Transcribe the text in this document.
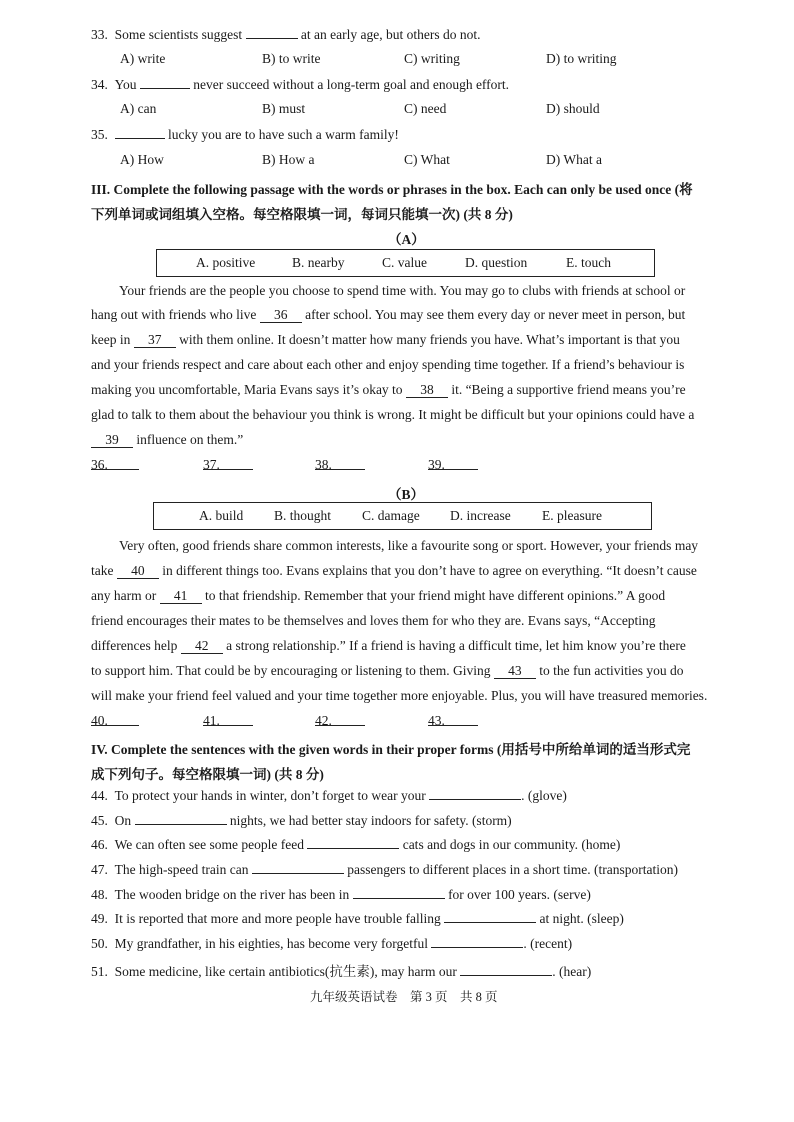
33. Some scientists suggest	at an early age, but others do not.
A) write	B) to write	C) writing	D) to writing
34. You	never succeed without a long-term goal and enough effort.
A) can	B) must	C) need	D) should
35.	lucky you are to have such a warm family!
A) How	B) How a	C) What	D) What a
III. Complete the following passage with the words or phrases in the box. Each can only be used once (将
下列单词或词组填入空格。每空格限填一词，每词只能填一次) (共 8 分)
（A）
A. positive	B. nearby	C. value	D. question	E. touch
Your friends are the people you choose to spend time with. You may go to clubs with friends at school or
hang out with friends who live 36 after school. You may see them every day or never meet in person, but
keep in 37 with them online. It doesn’t matter how many friends you have. What’s important is that you
and your friends respect and care about each other and enjoy spending time together. If a friend’s behaviour is
making you uncomfortable, Maria Evans says it’s okay to 38 it. “Being a supportive friend means you’re
glad to talk to them about the behaviour you think is wrong. It might be difficult but your opinions could have a
39 influence on them.”
36.	37.	38.	39.
（B）
A. build B. thought C. damage D. increase E. pleasure
Very often, good friends share common interests, like a favourite song or sport. However, your friends may
take 40 in different things too. Evans explains that you don’t have to agree on everything. “It doesn’t cause
any harm or 41 to that friendship. Remember that your friend might have different opinions.” A good
friend encourages their mates to be themselves and loves them for who they are. Evans says, “Accepting
differences help 42 a strong relationship.” If a friend is having a difficult time, let him know you’re there
to support him. That could be by encouraging or listening to them. Giving 43 to the fun activities you do
will make your friend feel valued and your time together more enjoyable. Plus, you will have treasured memories.
40.	41.	42.	43.
IV. Complete the sentences with the given words in their proper forms (用括号中所给单词的适当形式完
成下列句子。每空格限填一词) (共 8 分)
44. To protect your hands in winter, don’t forget to wear your	. (glove)
45. On	nights, we had better stay indoors for safety. (storm)
46. We can often see some people feed	cats and dogs in our community. (home)
47. The high-speed train can	passengers to different places in a short time. (transportation)
48. The wooden bridge on the river has been in	for over 100 years. (serve)
49. It is reported that more and more people have trouble falling	at night. (sleep)
50. My grandfather, in his eighties, has become very forgetful	. (recent)
51. Some medicine, like certain antibiotics(抗生素), may harm our	. (hear)
九年级英语试卷　第 3 页　共 8 页
